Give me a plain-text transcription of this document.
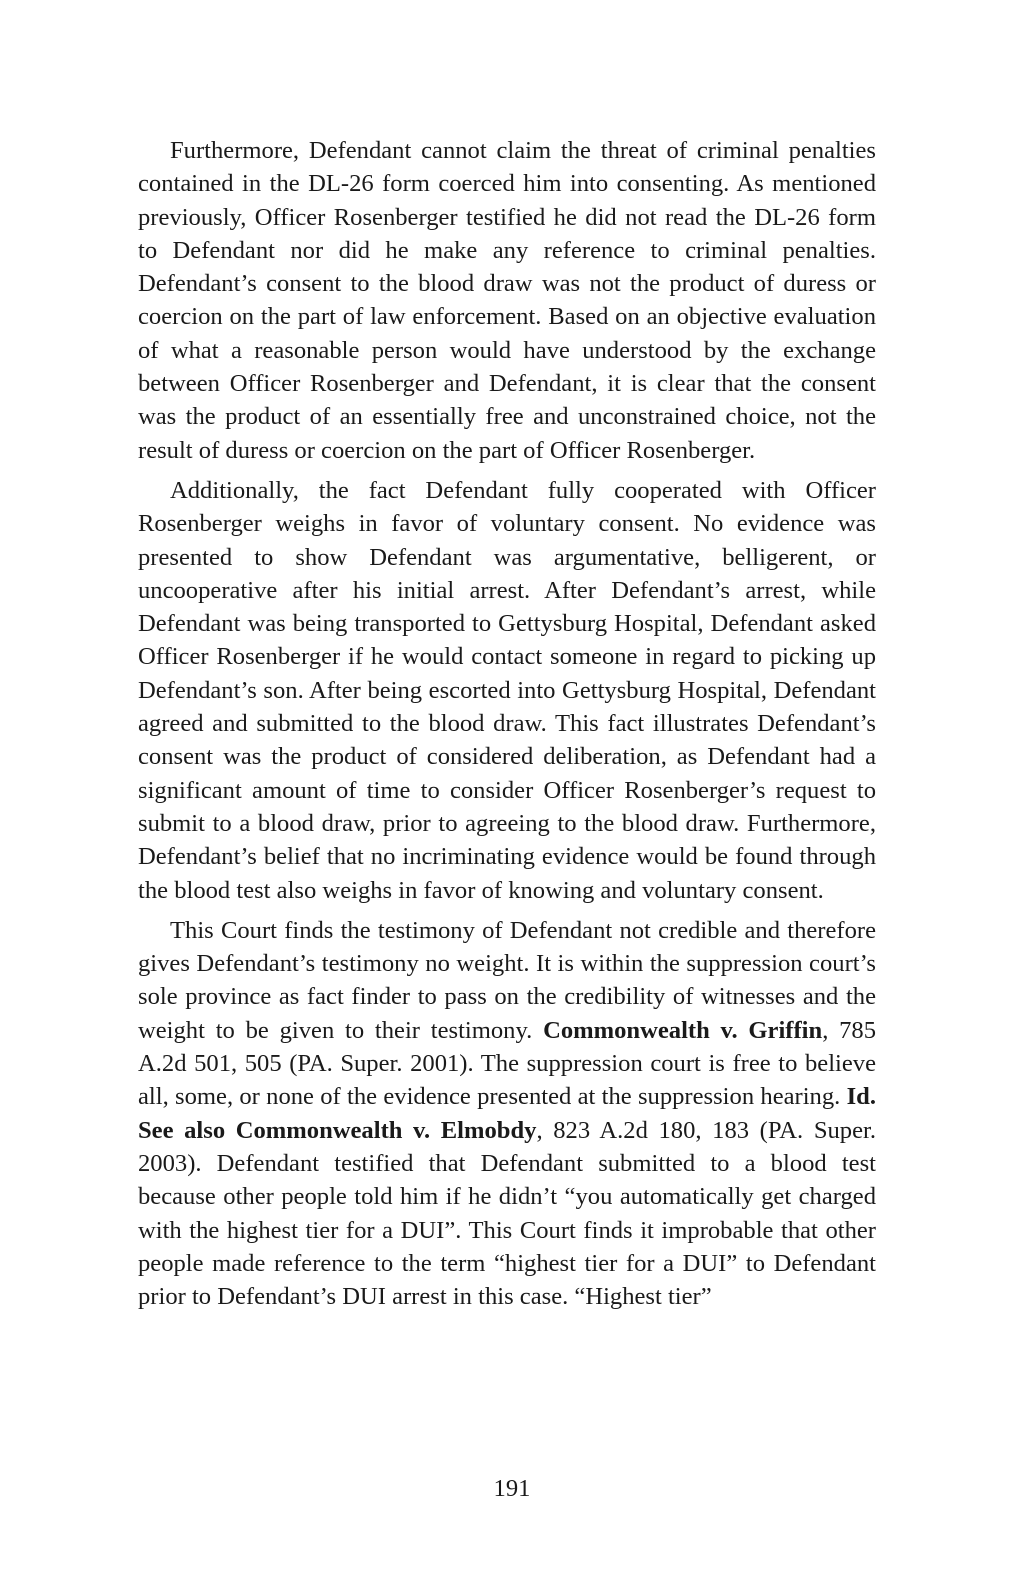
Furthermore, Defendant cannot claim the threat of criminal penalties contained in the DL-26 form coerced him into consenting. As mentioned previously, Officer Rosenberger testified he did not read the DL-26 form to Defendant nor did he make any reference to criminal penalties. Defendant’s consent to the blood draw was not the product of duress or coercion on the part of law enforcement. Based on an objective evaluation of what a reasonable person would have understood by the exchange between Officer Rosenberger and Defendant, it is clear that the consent was the product of an essentially free and unconstrained choice, not the result of duress or coercion on the part of Officer Rosenberger.

Additionally, the fact Defendant fully cooperated with Officer Rosenberger weighs in favor of voluntary consent. No evidence was presented to show Defendant was argumentative, belligerent, or uncooperative after his initial arrest. After Defendant’s arrest, while Defendant was being transported to Gettysburg Hospital, Defendant asked Officer Rosenberger if he would contact someone in regard to picking up Defendant’s son. After being escorted into Gettysburg Hospital, Defendant agreed and submitted to the blood draw. This fact illustrates Defendant’s consent was the product of considered deliberation, as Defendant had a significant amount of time to consider Officer Rosenberger’s request to submit to a blood draw, prior to agreeing to the blood draw. Furthermore, Defendant’s belief that no incriminating evidence would be found through the blood test also weighs in favor of knowing and voluntary consent.

This Court finds the testimony of Defendant not credible and therefore gives Defendant’s testimony no weight. It is within the suppression court’s sole province as fact finder to pass on the credibility of witnesses and the weight to be given to their testimony. Commonwealth v. Griffin, 785 A.2d 501, 505 (PA. Super. 2001). The suppression court is free to believe all, some, or none of the evidence presented at the suppression hearing. Id. See also Commonwealth v. Elmobdy, 823 A.2d 180, 183 (PA. Super. 2003). Defendant testified that Defendant submitted to a blood test because other people told him if he didn’t “you automatically get charged with the highest tier for a DUI”. This Court finds it improbable that other people made reference to the term “highest tier for a DUI” to Defendant prior to Defendant’s DUI arrest in this case. “Highest tier”

191
